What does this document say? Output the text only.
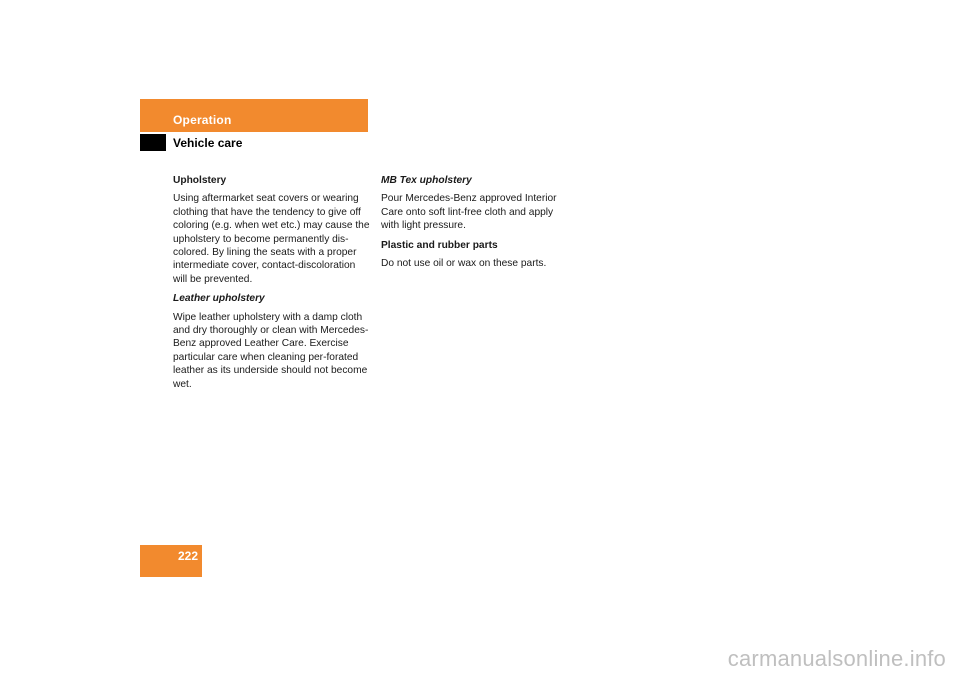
Operation
Vehicle care

Upholstery

Using aftermarket seat covers or wearing clothing that have the tendency to give off coloring (e.g. when wet etc.) may cause the upholstery to become permanently dis-colored. By lining the seats with a proper intermediate cover, contact-discoloration will be prevented.

Leather upholstery

Wipe leather upholstery with a damp cloth and dry thoroughly or clean with Mercedes-Benz approved Leather Care. Exercise particular care when cleaning per-forated leather as its underside should not become wet.

MB Tex upholstery

Pour Mercedes-Benz approved Interior Care onto soft lint-free cloth and apply with light pressure.

Plastic and rubber parts

Do not use oil or wax on these parts.

222
carmanualsonline.info
